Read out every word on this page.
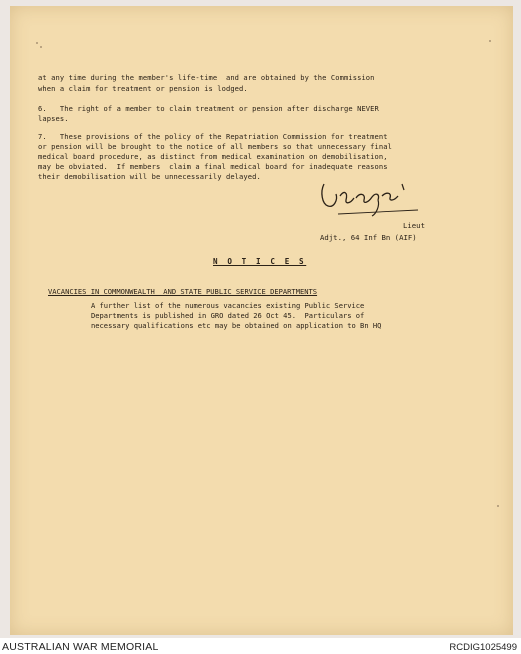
at any time during the member's life-time  and are obtained by the Commission
when a claim for treatment or pension is lodged.
6.   The right of a member to claim treatment or pension after discharge NEVER
lapses.
7.   These provisions of the policy of the Repatriation Commission for treatment
or pension will be brought to the notice of all members so that unnecessary final
medical board procedure, as distinct from medical examination on demobilisation,
may be obviated.  If members  claim a final medical board for inadequate reasons
their demobilisation will be unnecessarily delayed.
Lieut
Adjt., 64 Inf Bn (AIF)
N O T I C E S
VACANCIES IN COMMONWEALTH  AND STATE PUBLIC SERVICE DEPARTMENTS
A further list of the numerous vacancies existing Public Service
Departments is published in GRO dated 26 Oct 45.  Particulars of
necessary qualifications etc may be obtained on application to Bn HQ
AUSTRALIAN WAR MEMORIAL	RCDIG1025499
